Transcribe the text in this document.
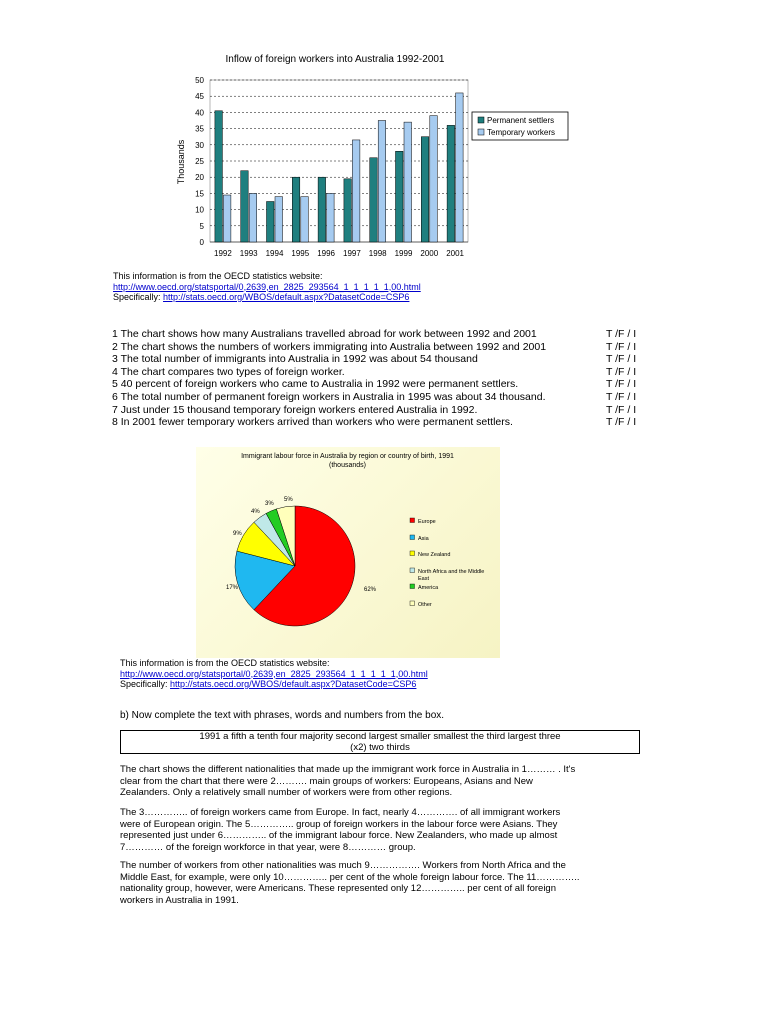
Inflow of foreign workers into Australia 1992-2001
0
5
10
15
20
25
30
35
40
45
50
1992 1993 1994 1995 1996 1997 1998 1999 2000 2001
Thousands
Permanent settlers
Temporary workers
This information is from the OECD statistics website:
http://www.oecd.org/statsportal/0,2639,en_2825_293564_1_1_1_1_1,00.html
Specifically: http://stats.oecd.org/WBOS/default.aspx?DatasetCode=CSP6
1 The chart shows how many Australians travelled abroad for work between 1992 and 2001	T /F / I
2 The chart shows the numbers of workers immigrating into Australia between 1992 and 2001	T /F / I
3 The total number of immigrants into Australia in 1992 was about 54 thousand	T /F / I
4 The chart compares two types of foreign worker.	T /F / I
5 40 percent of foreign workers who came to Australia in 1992 were permanent settlers.	T /F / I
6 The total number of permanent foreign workers in Australia in 1995 was about 34 thousand.	T /F / I
7 Just under 15 thousand temporary foreign workers entered Australia in 1992.	T /F / I
8 In 2001 fewer temporary workers arrived than workers who were permanent settlers.	T /F / I
Immigrant labour force in Australia by region or country of birth, 1991 (thousands)
62%
17%
9%
4%
3%
5%
Europe
Asia
New Zealand
North Africa and the Middle East
America
Other
This information is from the OECD statistics website:
http://www.oecd.org/statsportal/0,2639,en_2825_293564_1_1_1_1_1,00.html
Specifically: http://stats.oecd.org/WBOS/default.aspx?DatasetCode=CSP6
b) Now complete the text with phrases, words and numbers from the box.
1991 a fifth a tenth four majority second largest smaller smallest the third largest three
(x2) two thirds
The chart shows the different nationalities that made up the immigrant work force in Australia in 1……… . It's clear from the chart that there were 2………. main groups of workers: Europeans, Asians and New Zealanders. Only a relatively small number of workers were from other regions.
The 3………….. of foreign workers came from Europe. In fact, nearly 4…………. of all immigrant workers were of European origin. The 5………….. group of foreign workers in the labour force were Asians. They represented just under 6………….. of the immigrant labour force. New Zealanders, who made up almost 7………… of the foreign workforce in that year, were 8………… group.
The number of workers from other nationalities was much 9……………. Workers from North Africa and the Middle East, for example, were only 10………….. per cent of the whole foreign labour force. The 11………….. nationality group, however, were Americans. These represented only 12………….. per cent of all foreign workers in Australia in 1991.
